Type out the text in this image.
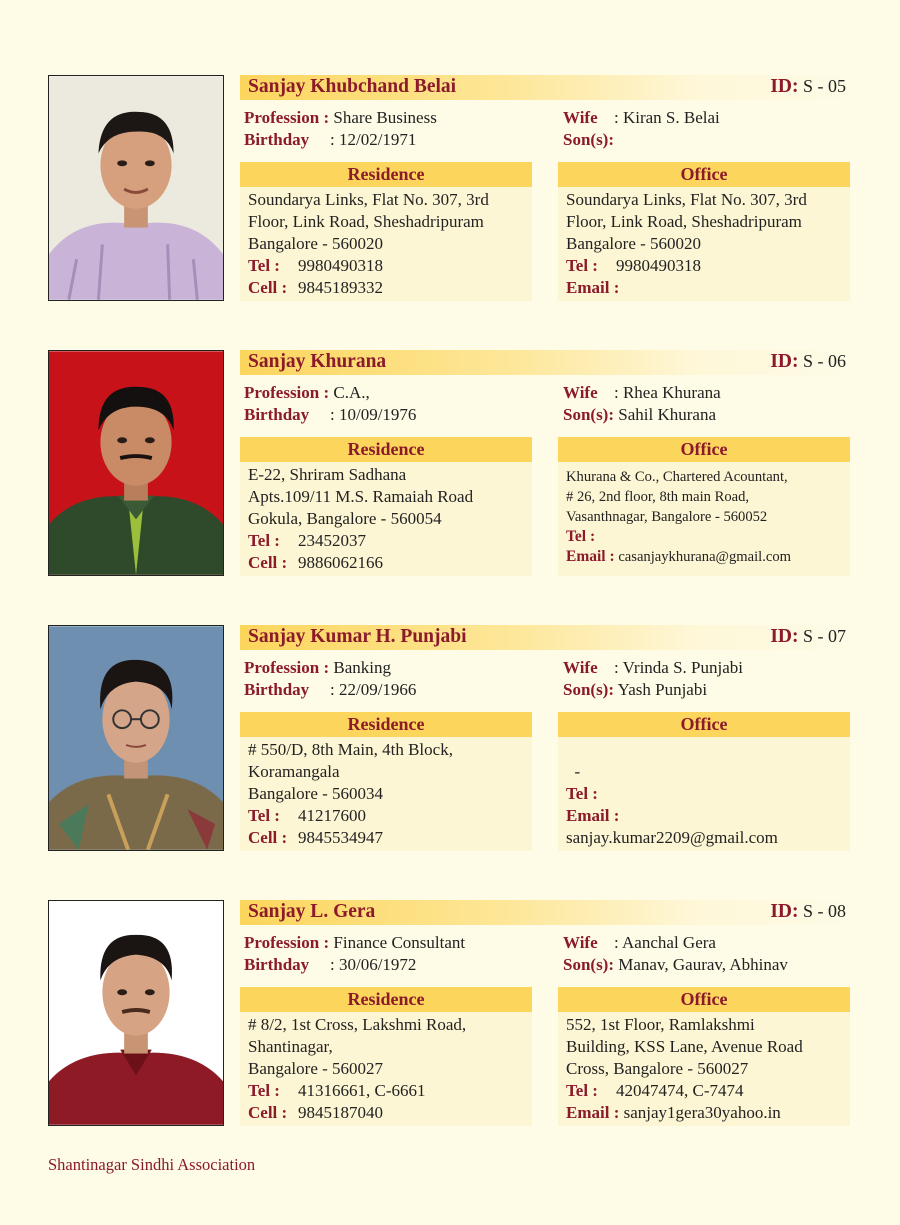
Sanjay Khubchand Belai	ID: S - 05
Profession : Share Business
Birthday : 12/02/1971
Wife : Kiran S. Belai
Son(s):
Residence
Soundarya Links, Flat No. 307, 3rd
Floor, Link Road, Sheshadripuram
Bangalore - 560020
Tel : 9980490318
Cell : 9845189332
Office
Soundarya Links, Flat No. 307, 3rd
Floor, Link Road, Sheshadripuram
Bangalore - 560020
Tel : 9980490318
Email :
Sanjay Khurana	ID: S - 06
Profession : C.A.,
Birthday : 10/09/1976
Wife : Rhea Khurana
Son(s): Sahil Khurana
Residence
E-22, Shriram Sadhana
Apts.109/11 M.S. Ramaiah Road
Gokula, Bangalore - 560054
Tel : 23452037
Cell : 9886062166
Office
Khurana & Co., Chartered Acountant,
# 26, 2nd floor, 8th main Road,
Vasanthnagar, Bangalore - 560052
Tel :
Email : casanjaykhurana@gmail.com
Sanjay Kumar H. Punjabi	ID: S - 07
Profession : Banking
Birthday : 22/09/1966
Wife : Vrinda S. Punjabi
Son(s): Yash Punjabi
Residence
# 550/D, 8th Main, 4th Block,
Koramangala
Bangalore - 560034
Tel : 41217600
Cell : 9845534947
Office
-
Tel :
Email :
sanjay.kumar2209@gmail.com
Sanjay L. Gera	ID: S - 08
Profession : Finance Consultant
Birthday : 30/06/1972
Wife : Aanchal Gera
Son(s): Manav, Gaurav, Abhinav
Residence
# 8/2, 1st Cross, Lakshmi Road,
Shantinagar,
Bangalore - 560027
Tel : 41316661, C-6661
Cell : 9845187040
Office
552, 1st Floor, Ramlakshmi
Building, KSS Lane, Avenue Road
Cross, Bangalore - 560027
Tel : 42047474, C-7474
Email : sanjay1gera30yahoo.in
Shantinagar Sindhi Association
